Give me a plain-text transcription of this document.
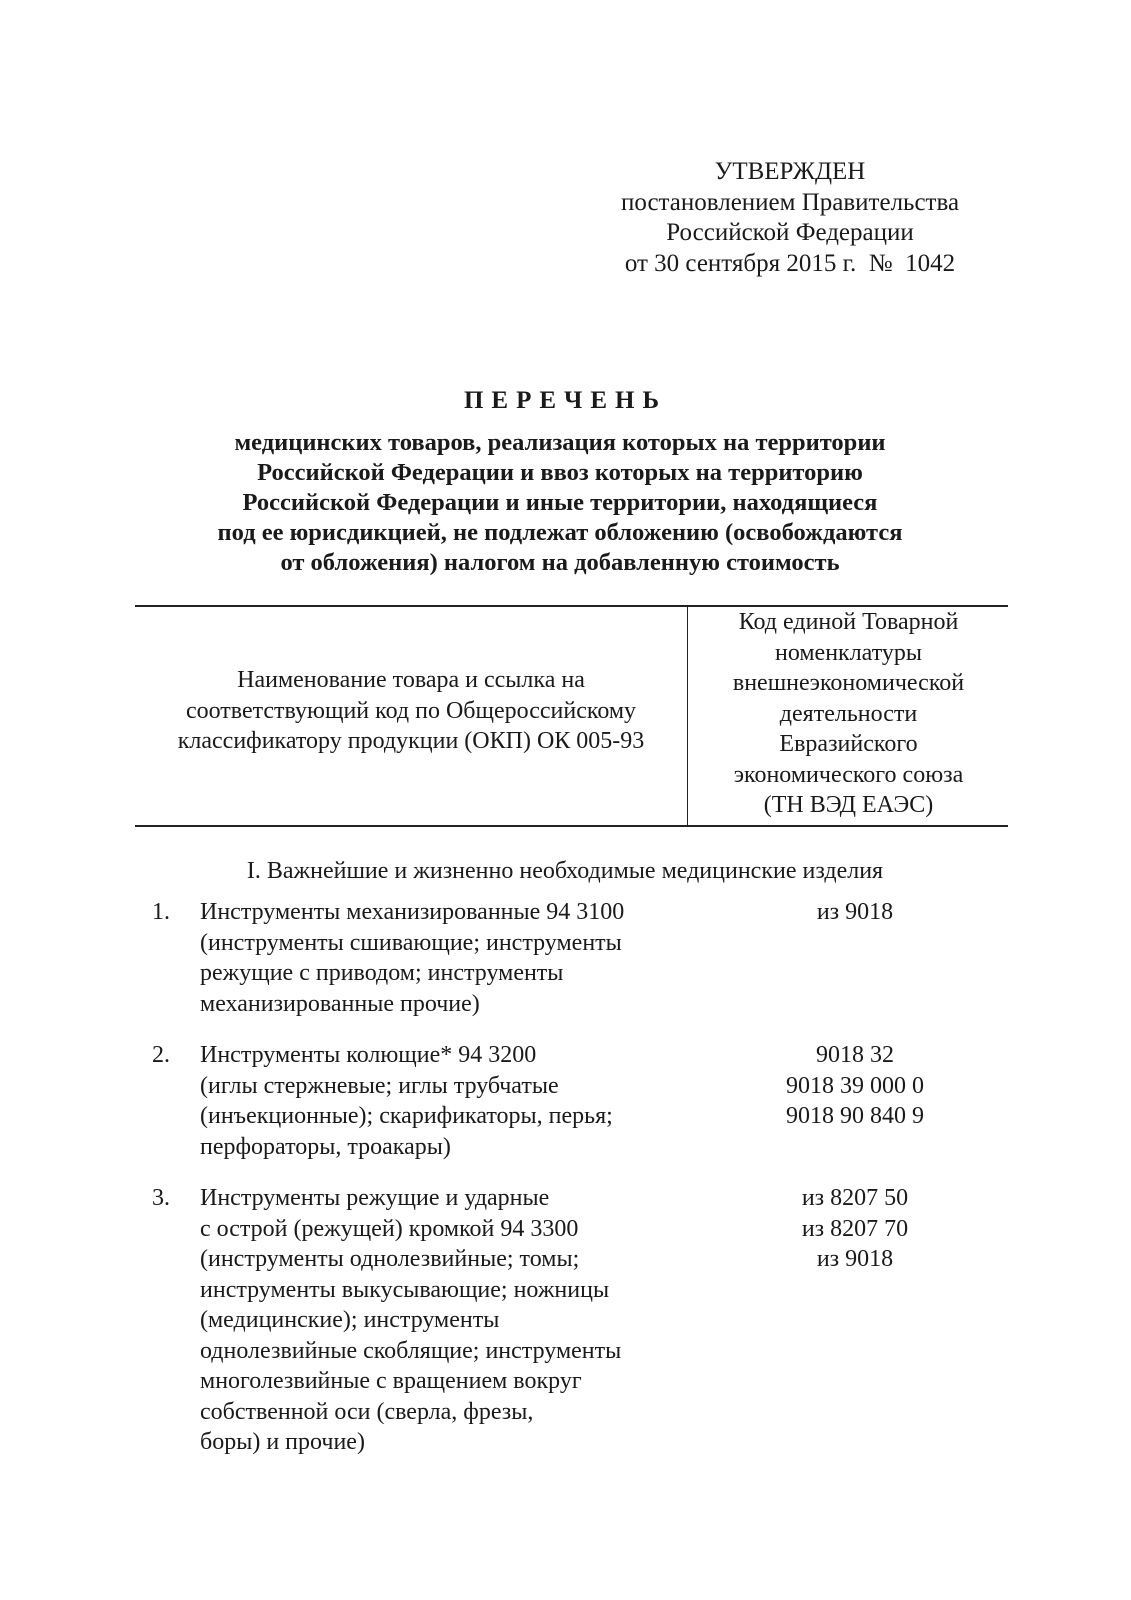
УТВЕРЖДЕН
постановлением Правительства
Российской Федерации
от 30 сентября 2015 г.  №  1042
ПЕРЕЧЕНЬ
медицинских товаров, реализация которых на территории
Российской Федерации и ввоз которых на территорию
Российской Федерации и иные территории, находящиеся
под ее юрисдикцией, не подлежат обложению (освобождаются
от обложения) налогом на добавленную стоимость
Наименование товара и ссылка на
соответствующий код по Общероссийскому
классификатору продукции (ОКП) ОК 005-93
Код единой Товарной
номенклатуры
внешнеэкономической
деятельности
Евразийского
экономического союза
(ТН ВЭД ЕАЭС)
I. Важнейшие и жизненно необходимые медицинские изделия
1. Инструменты механизированные 94 3100
(инструменты сшивающие; инструменты
режущие с приводом; инструменты
механизированные прочие)
из 9018
2. Инструменты колющие* 94 3200
(иглы стержневые; иглы трубчатые
(инъекционные); скарификаторы, перья;
перфораторы, троакары)
9018 32
9018 39 000 0
9018 90 840 9
3. Инструменты режущие и ударные
с острой (режущей) кромкой 94 3300
(инструменты однолезвийные; томы;
инструменты выкусывающие; ножницы
(медицинские); инструменты
однолезвийные скоблящие; инструменты
многолезвийные с вращением вокруг
собственной оси (сверла, фрезы,
боры) и прочие)
из 8207 50
из 8207 70
из 9018
